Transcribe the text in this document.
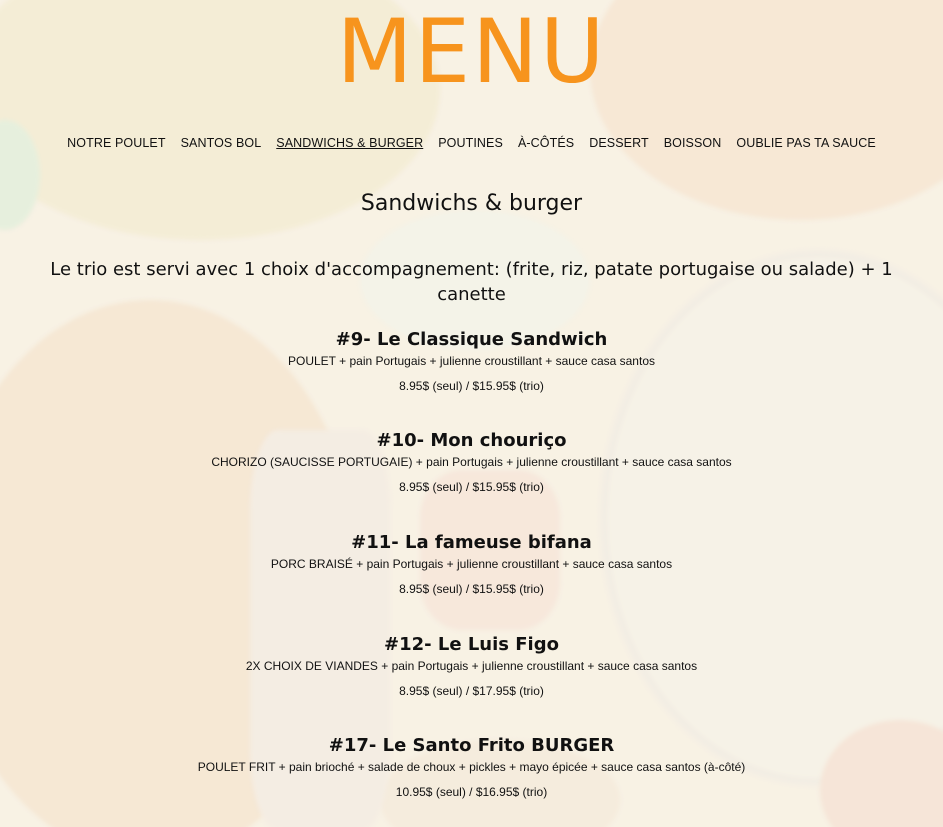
MENU
NOTRE POULET SANTOS BOL SANDWICHS & BURGER POUTINES À-CÔTÉS DESSERT BOISSON OUBLIE PAS TA SAUCE
Sandwichs & burger
Le trio est servi avec 1 choix d'accompagnement: (frite, riz, patate portugaise ou salade) + 1 canette
#9- Le Classique Sandwich
POULET + pain Portugais + julienne croustillant + sauce casa santos
8.95$ (seul) / $15.95$ (trio)
#10- Mon chouriço
CHORIZO (SAUCISSE PORTUGAIE) + pain Portugais + julienne croustillant + sauce casa santos
8.95$ (seul) / $15.95$ (trio)
#11- La fameuse bifana
PORC BRAISÉ + pain Portugais + julienne croustillant + sauce casa santos
8.95$ (seul) / $15.95$ (trio)
#12- Le Luis Figo
2X CHOIX DE VIANDES + pain Portugais + julienne croustillant + sauce casa santos
8.95$ (seul) / $17.95$ (trio)
#17- Le Santo Frito BURGER
POULET FRIT + pain brioché + salade de choux + pickles + mayo épicée + sauce casa santos (à-côté)
10.95$ (seul) / $16.95$ (trio)
